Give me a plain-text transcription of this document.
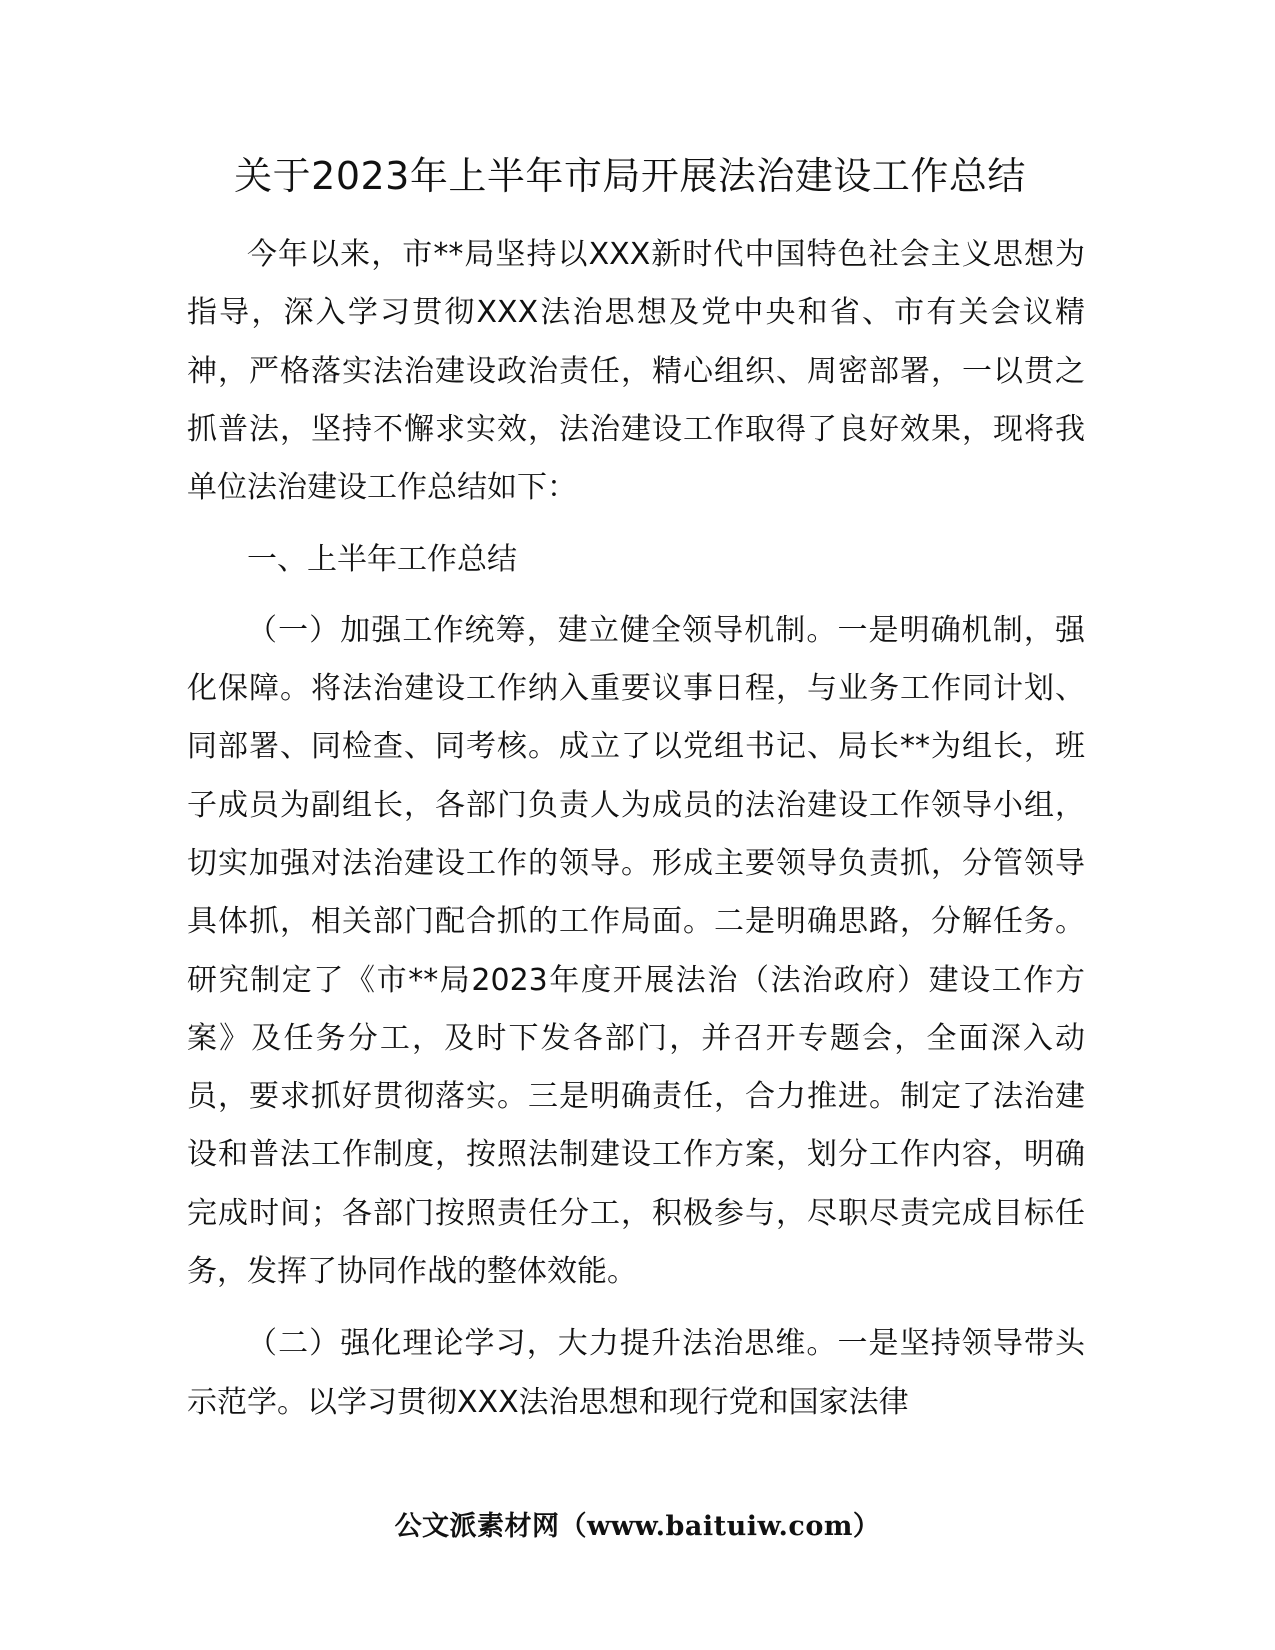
关于2023年上半年市局开展法治建设工作总结

今年以来，市**局坚持以XXX新时代中国特色社会主义思想为指导，深入学习贯彻XXX法治思想及党中央和省、市有关会议精神，严格落实法治建设政治责任，精心组织、周密部署，一以贯之抓普法，坚持不懈求实效，法治建设工作取得了良好效果，现将我单位法治建设工作总结如下：

一、上半年工作总结

（一）加强工作统筹，建立健全领导机制。一是明确机制，强化保障。将法治建设工作纳入重要议事日程，与业务工作同计划、同部署、同检查、同考核。成立了以党组书记、局长**为组长，班子成员为副组长，各部门负责人为成员的法治建设工作领导小组，切实加强对法治建设工作的领导。形成主要领导负责抓，分管领导具体抓，相关部门配合抓的工作局面。二是明确思路，分解任务。研究制定了《市**局2023年度开展法治（法治政府）建设工作方案》及任务分工，及时下发各部门，并召开专题会，全面深入动员，要求抓好贯彻落实。三是明确责任，合力推进。制定了法治建设和普法工作制度，按照法制建设工作方案，划分工作内容，明确完成时间；各部门按照责任分工，积极参与，尽职尽责完成目标任务，发挥了协同作战的整体效能。

（二）强化理论学习，大力提升法治思维。一是坚持领导带头示范学。以学习贯彻XXX法治思想和现行党和国家法律

公文派素材网（www.baituiw.com）
